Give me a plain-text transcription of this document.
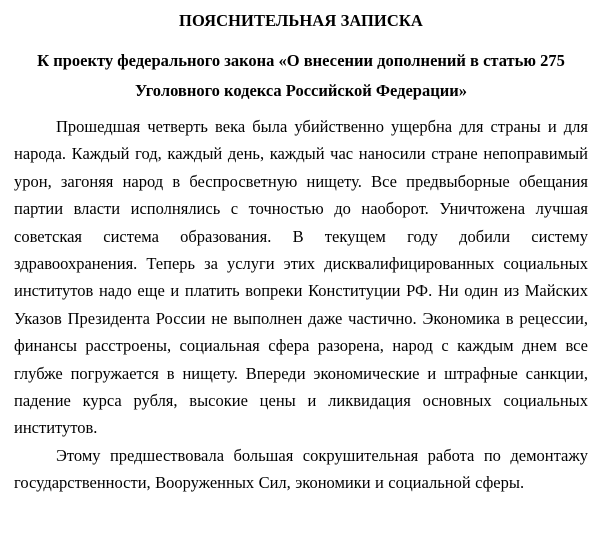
ПОЯСНИТЕЛЬНАЯ ЗАПИСКА
К проекту федерального закона «О внесении дополнений в статью 275 Уголовного кодекса Российской Федерации»

Прошедшая четверть века была убийственно ущербна для страны и для народа. Каждый год, каждый день, каждый час наносили стране непоправимый урон, загоняя народ в беспросветную нищету. Все предвыборные обещания партии власти исполнялись с точностью до наоборот. Уничтожена лучшая советская система образования. В текущем году добили систему здравоохранения. Теперь за услуги этих дисквалифицированных социальных институтов надо еще и платить вопреки Конституции РФ. Ни один из Майских Указов Президента России не выполнен даже частично. Экономика в рецессии, финансы расстроены, социальная сфера разорена, народ с каждым днем все глубже погружается в нищету. Впереди экономические и штрафные санкции, падение курса рубля, высокие цены и ликвидация основных социальных институтов.

Этому предшествовала большая сокрушительная работа по демонтажу государственности, Вооруженных Сил, экономики и социальной сферы.
